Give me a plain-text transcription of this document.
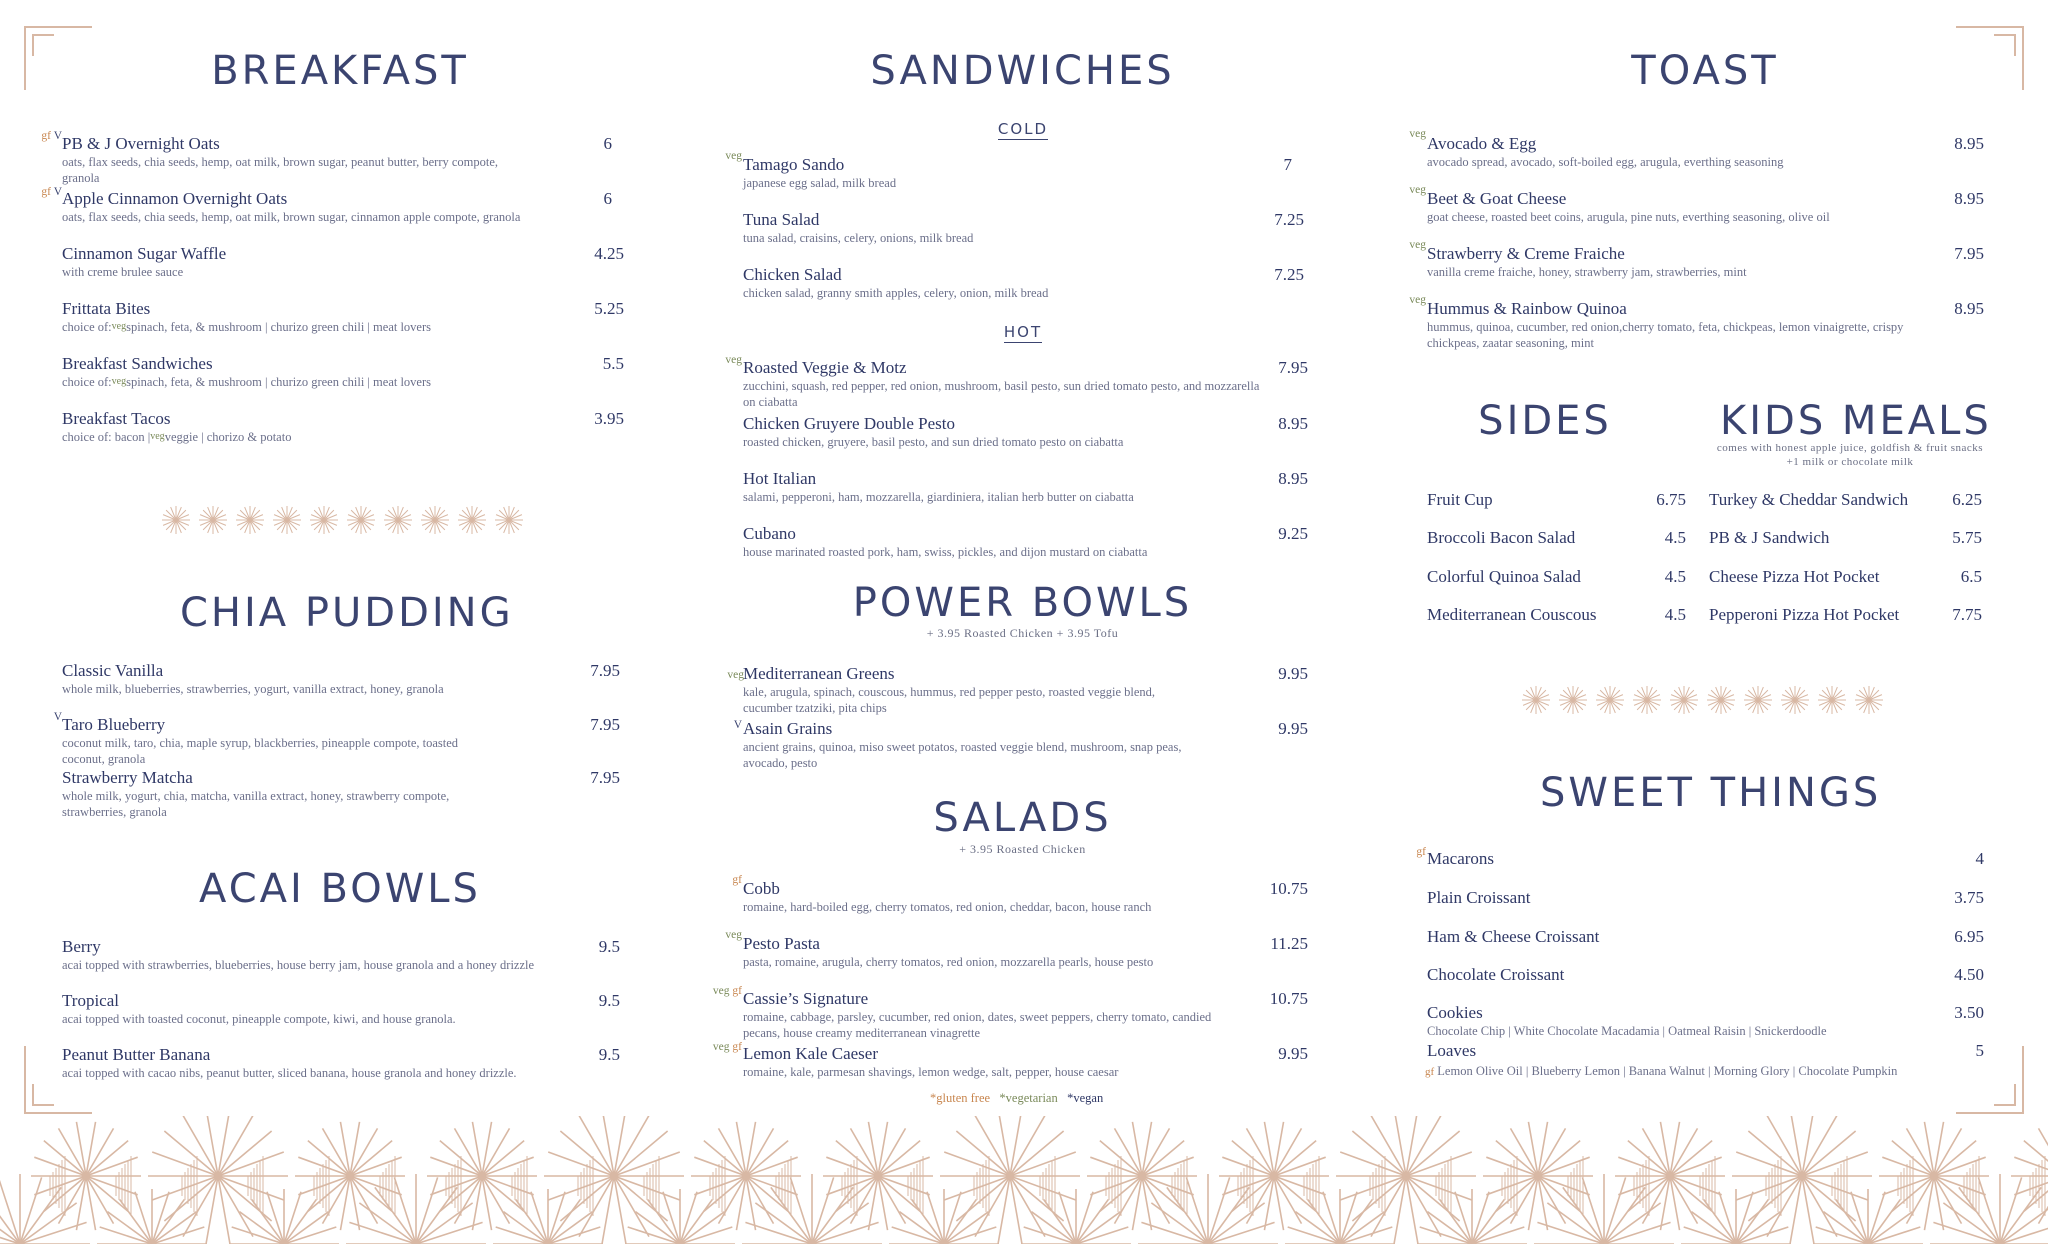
BREAKFAST
gf V PB & J Overnight Oats
oats, flax seeds, chia seeds, hemp, oat milk, brown sugar, peanut butter, berry compote, granola
6
gf V Apple Cinnamon Overnight Oats
oats, flax seeds, chia seeds, hemp, oat milk, brown sugar, cinnamon apple compote, granola
6
Cinnamon Sugar Waffle
with creme brulee sauce
4.25
Frittata Bites
choice of:$^{veg}$spinach, feta, & mushroom | churizo green chili | meat lovers
5.25
Breakfast Sandwiches
choice of:$^{veg}$spinach, feta, & mushroom | churizo green chili | meat lovers
5.5
Breakfast Tacos
choice of: bacon $|^{veg}veggie$ | chorizo & potato
3.95
CHIA PUDDING
Classic Vanilla
whole milk, blueberries, strawberries, yogurt, vanilla extract, honey, granola
7.95
V Taro Blueberry
coconut milk, taro, chia, maple syrup, blackberries, pineapple compote, toasted coconut, granola
7.95
Strawberry Matcha
whole milk, yogurt, chia, matcha, vanilla extract, honey, strawberry compote, strawberries, granola
7.95
ACAI BOWLS
Berry
acai topped with strawberries, blueberries, house berry jam, house granola and a honey drizzle
9.5
Tropical
acai topped with toasted coconut, pineapple compote, kiwi, and house granola.
9.5
Peanut Butter Banana
acai topped with cacao nibs, peanut butter, sliced banana, house granola and honey drizzle.
9.5
SANDWICHES
COLD
veg Tamago Sando
japanese egg salad, milk bread
7
Tuna Salad
tuna salad, craisins, celery, onions, milk bread
7.25
Chicken Salad
chicken salad, granny smith apples, celery, onion, milk bread
7.25
HOT
veg Roasted Veggie & Motz
zucchini, squash, red pepper, red onion, mushroom, basil pesto, sun dried tomato pesto, and mozzarella on ciabatta
7.95
Chicken Gruyere Double Pesto
roasted chicken, gruyere, basil pesto, and sun dried tomato pesto on ciabatta
8.95
Hot Italian
salami, pepperoni, ham, mozzarella, giardiniera, italian herb butter on ciabatta
8.95
Cubano
house marinated roasted pork, ham, swiss, pickles, and dijon mustard on ciabatta
9.25
POWER BOWLS
+ 3.95 Roasted Chicken + 3.95 Tofu
veg Mediterranean Greens
kale, arugula, spinach, couscous, hummus, red pepper pesto, roasted veggie blend, cucumber tzatziki, pita chips
9.95
V Asain Grains
ancient grains, quinoa, miso sweet potatos, roasted veggie blend, mushroom, snap peas, avocado, pesto
9.95
SALADS
+ 3.95 Roasted Chicken
gf Cobb
romaine, hard-boiled egg, cherry tomatos, red onion, cheddar, bacon, house ranch
10.75
veg Pesto Pasta
pasta, romaine, arugula, cherry tomatos, red onion, mozzarella pearls, house pesto
11.25
veg gf Cassie’s Signature
romaine, cabbage, parsley, cucumber, red onion, dates, sweet peppers, cherry tomato, candied pecans, house creamy mediterranean vinagrette
10.75
veg gf Lemon Kale Caeser
romaine, kale, parmesan shavings, lemon wedge, salt, pepper, house caesar
9.95
*gluten free *vegetarian *vegan
TOAST
veg Avocado & Egg
avocado spread, avocado, soft-boiled egg, arugula, everthing seasoning
8.95
veg Beet & Goat Cheese
goat cheese, roasted beet coins, arugula, pine nuts, everthing seasoning, olive oil
8.95
veg Strawberry & Creme Fraiche
vanilla creme fraiche, honey, strawberry jam, strawberries, mint
7.95
veg Hummus & Rainbow Quinoa
hummus, quinoa, cucumber, red onion,cherry tomato, feta, chickpeas, lemon vinaigrette, crispy chickpeas, zaatar seasoning, mint
8.95
SIDES
Fruit Cup	6.75
Broccoli Bacon Salad	4.5
Colorful Quinoa Salad	4.5
Mediterranean Couscous	4.5
KIDS MEALS
comes with honest apple juice, goldfish & fruit snacks
+1 milk or chocolate milk
Turkey & Cheddar Sandwich	6.25
PB & J Sandwich	5.75
Cheese Pizza Hot Pocket	6.5
Pepperoni Pizza Hot Pocket	7.75
SWEET THINGS
gf Macarons	4
Plain Croissant	3.75
Ham & Cheese Croissant	6.95
Chocolate Croissant	4.50
Cookies
Chocolate Chip | White Chocolate Macadamia | Oatmeal Raisin | Snickerdoodle
3.50
Loaves
gf Lemon Olive Oil | Blueberry Lemon | Banana Walnut | Morning Glory | Chocolate Pumpkin
5
